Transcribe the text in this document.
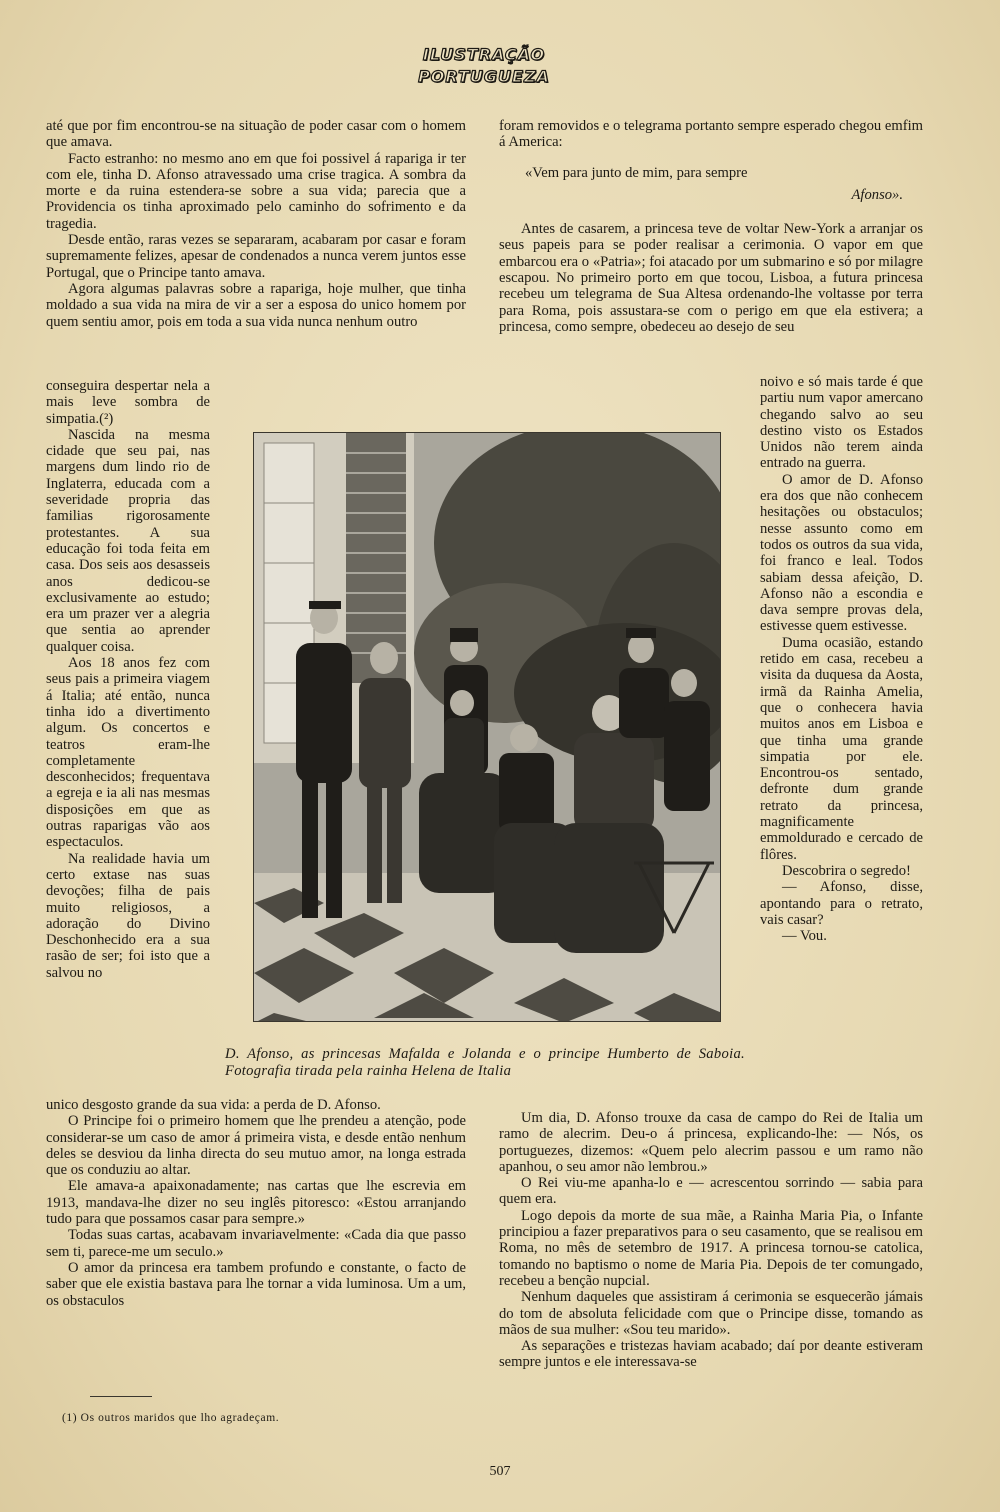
ILUSTRAÇÃO
PORTUGUEZA

até que por fim encontrou-se na situação de poder casar com o homem que amava.

Facto estranho: no mesmo ano em que foi possivel á rapariga ir ter com ele, tinha D. Afonso atravessado uma crise tragica. A sombra da morte e da ruina estendera-se sobre a sua vida; parecia que a Providencia os tinha aproximado pelo caminho do sofrimento e da tragedia.

Desde então, raras vezes se separaram, acabaram por casar e foram supremamente felizes, apesar de condenados a nunca verem juntos esse Portugal, que o Principe tanto amava.

Agora algumas palavras sobre a rapariga, hoje mulher, que tinha moldado a sua vida na mira de vir a ser a esposa do unico homem por quem sentiu amor, pois em toda a sua vida nunca nenhum outro

conseguira despertar nela a mais leve sombra de simpatia.(²)

Nascida na mesma cidade que seu pai, nas margens dum lindo rio de Inglaterra, educada com a severidade propria das familias rigorosamente protestantes. A sua educação foi toda feita em casa. Dos seis aos desasseis anos dedicou-se exclusivamente ao estudo; era um prazer ver a alegria que sentia ao aprender qualquer coisa.

Aos 18 anos fez com seus pais a primeira viagem á Italia; até então, nunca tinha ido a divertimento algum. Os concertos e teatros eram-lhe completamente desconhecidos; frequentava a egreja e ia ali nas mesmas disposições em que as outras raparigas vão aos espectaculos.

Na realidade havia um certo extase nas suas devoções; filha de pais muito religiosos, a adoração do Divino Deschonhecido era a sua rasão de ser; foi isto que a salvou no

unico desgosto grande da sua vida: a perda de D. Afonso.

O Principe foi o primeiro homem que lhe prendeu a atenção, pode considerar-se um caso de amor á primeira vista, e desde então nenhum deles se desviou da linha directa do seu mutuo amor, na longa estrada que os conduziu ao altar.

Ele amava-a apaixonadamente; nas cartas que lhe escrevia em 1913, mandava-lhe dizer no seu inglês pitoresco: «Estou arranjando tudo para que possamos casar para sempre.»

Todas suas cartas, acabavam invariavelmente: «Cada dia que passo sem ti, parece-me um seculo.»

O amor da princesa era tambem profundo e constante, o facto de saber que ele existia bastava para lhe tornar a vida luminosa. Um a um, os obstaculos

foram removidos e o telegrama portanto sempre esperado chegou emfim á America:

«Vem para junto de mim, para sempre

Afonso».

Antes de casarem, a princesa teve de voltar New-York a arranjar os seus papeis para se poder realisar a cerimonia. O vapor em que embarcou era o «Patria»; foi atacado por um submarino e só por milagre escapou. No primeiro porto em que tocou, Lisboa, a futura princesa recebeu um telegrama de Sua Altesa ordenando-lhe voltasse por terra para Roma, pois assustara-se com o perigo em que ela estivera; a princesa, como sempre, obedeceu ao desejo de seu

noivo e só mais tarde é que partiu num vapor amercano chegando salvo ao seu destino visto os Estados Unidos não terem ainda entrado na guerra.

O amor de D. Afonso era dos que não conhecem hesitações ou obstaculos; nesse assunto como em todos os outros da sua vida, foi franco e leal. Todos sabiam dessa afeição, D. Afonso não a escondia e dava sempre provas dela, estivesse quem estivesse.

Duma ocasião, estando retido em casa, recebeu a visita da duquesa da Aosta, irmã da Rainha Amelia, que o conhecera havia muitos anos em Lisboa e que tinha uma grande simpatia por ele. Encontrou-os sentado, defronte dum grande retrato da princesa, magnificamente emmoldurado e cercado de flôres.

Descobrira o segredo!

— Afonso, disse, apontando para o retrato, vais casar?

— Vou.

D. Afonso, as princesas Mafalda e Jolanda e o principe Humberto de Saboia. Fotografia tirada pela rainha Helena de Italia

Um dia, D. Afonso trouxe da casa de campo do Rei de Italia um ramo de alecrim. Deu-o á princesa, explicando-lhe: — Nós, os portuguezes, dizemos: «Quem pelo alecrim passou e um ramo não apanhou, o seu amor não lembrou.»

O Rei viu-me apanha-lo e — acrescentou sorrindo — sabia para quem era.

Logo depois da morte de sua mãe, a Rainha Maria Pia, o Infante principiou a fazer preparativos para o seu casamento, que se realisou em Roma, no mês de setembro de 1917. A princesa tornou-se catolica, tomando no baptismo o nome de Maria Pia. Depois de ter comungado, recebeu a benção nupcial.

Nenhum daqueles que assistiram á cerimonia se esquecerão jámais do tom de absoluta felicidade com que o Principe disse, tomando as mãos de sua mulher: «Sou teu marido».

As separações e tristezas haviam acabado; daí por deante estiveram sempre juntos e ele interessava-se

(1) Os outros maridos que lho agradeçam.
507
